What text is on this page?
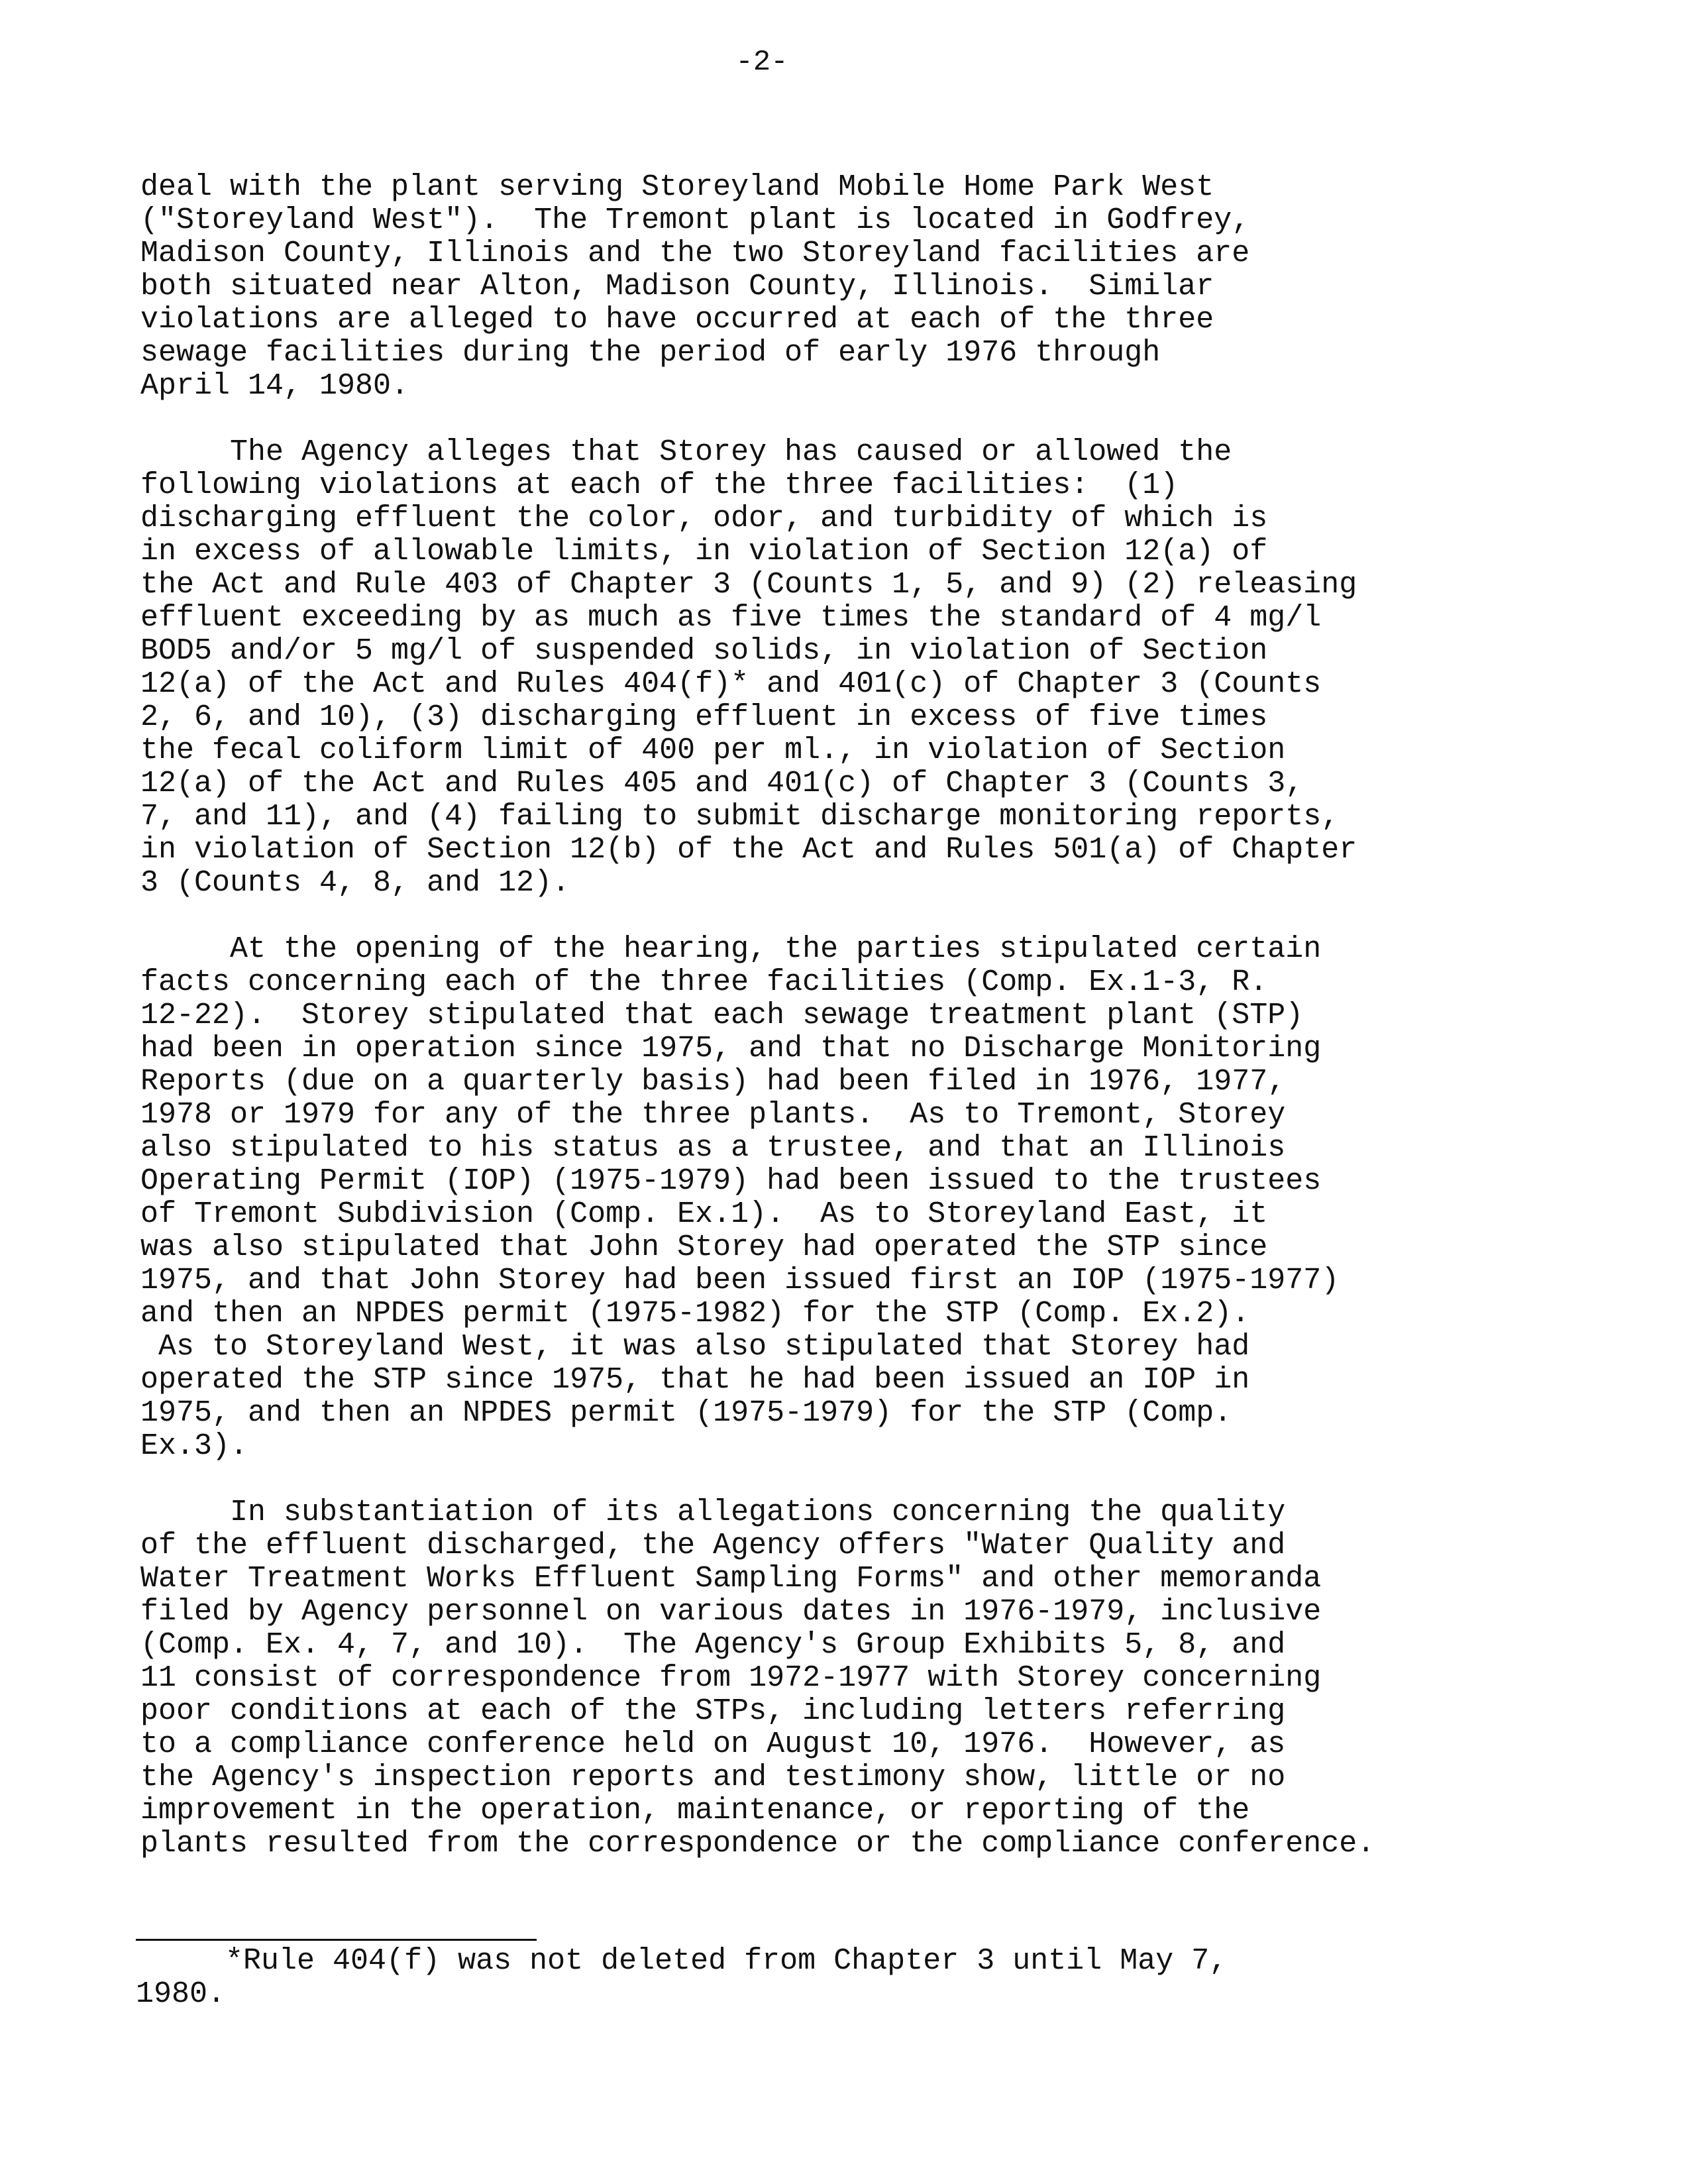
-2-
deal with the plant serving Storeyland Mobile Home Park West
("Storeyland West").  The Tremont plant is located in Godfrey,
Madison County, Illinois and the two Storeyland facilities are
both situated near Alton, Madison County, Illinois.  Similar
violations are alleged to have occurred at each of the three
sewage facilities during the period of early 1976 through
April 14, 1980.
The Agency alleges that Storey has caused or allowed the
following violations at each of the three facilities:  (1)
discharging effluent the color, odor, and turbidity of which is
in excess of allowable limits, in violation of Section 12(a) of
the Act and Rule 403 of Chapter 3 (Counts 1, 5, and 9) (2) releasing
effluent exceeding by as much as five times the standard of 4 mg/l
BOD5 and/or 5 mg/l of suspended solids, in violation of Section
12(a) of the Act and Rules 404(f)* and 401(c) of Chapter 3 (Counts
2, 6, and 10), (3) discharging effluent in excess of five times
the fecal coliform limit of 400 per ml., in violation of Section
12(a) of the Act and Rules 405 and 401(c) of Chapter 3 (Counts 3,
7, and 11), and (4) failing to submit discharge monitoring reports,
in violation of Section 12(b) of the Act and Rules 501(a) of Chapter
3 (Counts 4, 8, and 12).
At the opening of the hearing, the parties stipulated certain
facts concerning each of the three facilities (Comp. Ex.1-3, R.
12-22).  Storey stipulated that each sewage treatment plant (STP)
had been in operation since 1975, and that no Discharge Monitoring
Reports (due on a quarterly basis) had been filed in 1976, 1977,
1978 or 1979 for any of the three plants.  As to Tremont, Storey
also stipulated to his status as a trustee, and that an Illinois
Operating Permit (IOP) (1975-1979) had been issued to the trustees
of Tremont Subdivision (Comp. Ex.1).  As to Storeyland East, it
was also stipulated that John Storey had operated the STP since
1975, and that John Storey had been issued first an IOP (1975-1977)
and then an NPDES permit (1975-1982) for the STP (Comp. Ex.2).
As to Storeyland West, it was also stipulated that Storey had
operated the STP since 1975, that he had been issued an IOP in
1975, and then an NPDES permit (1975-1979) for the STP (Comp.
Ex.3).
In substantiation of its allegations concerning the quality
of the effluent discharged, the Agency offers "Water Quality and
Water Treatment Works Effluent Sampling Forms" and other memoranda
filed by Agency personnel on various dates in 1976-1979, inclusive
(Comp. Ex. 4, 7, and 10).  The Agency's Group Exhibits 5, 8, and
11 consist of correspondence from 1972-1977 with Storey concerning
poor conditions at each of the STPs, including letters referring
to a compliance conference held on August 10, 1976.  However, as
the Agency's inspection reports and testimony show, little or no
improvement in the operation, maintenance, or reporting of the
plants resulted from the correspondence or the compliance conference.
*Rule 404(f) was not deleted from Chapter 3 until May 7,
1980.
